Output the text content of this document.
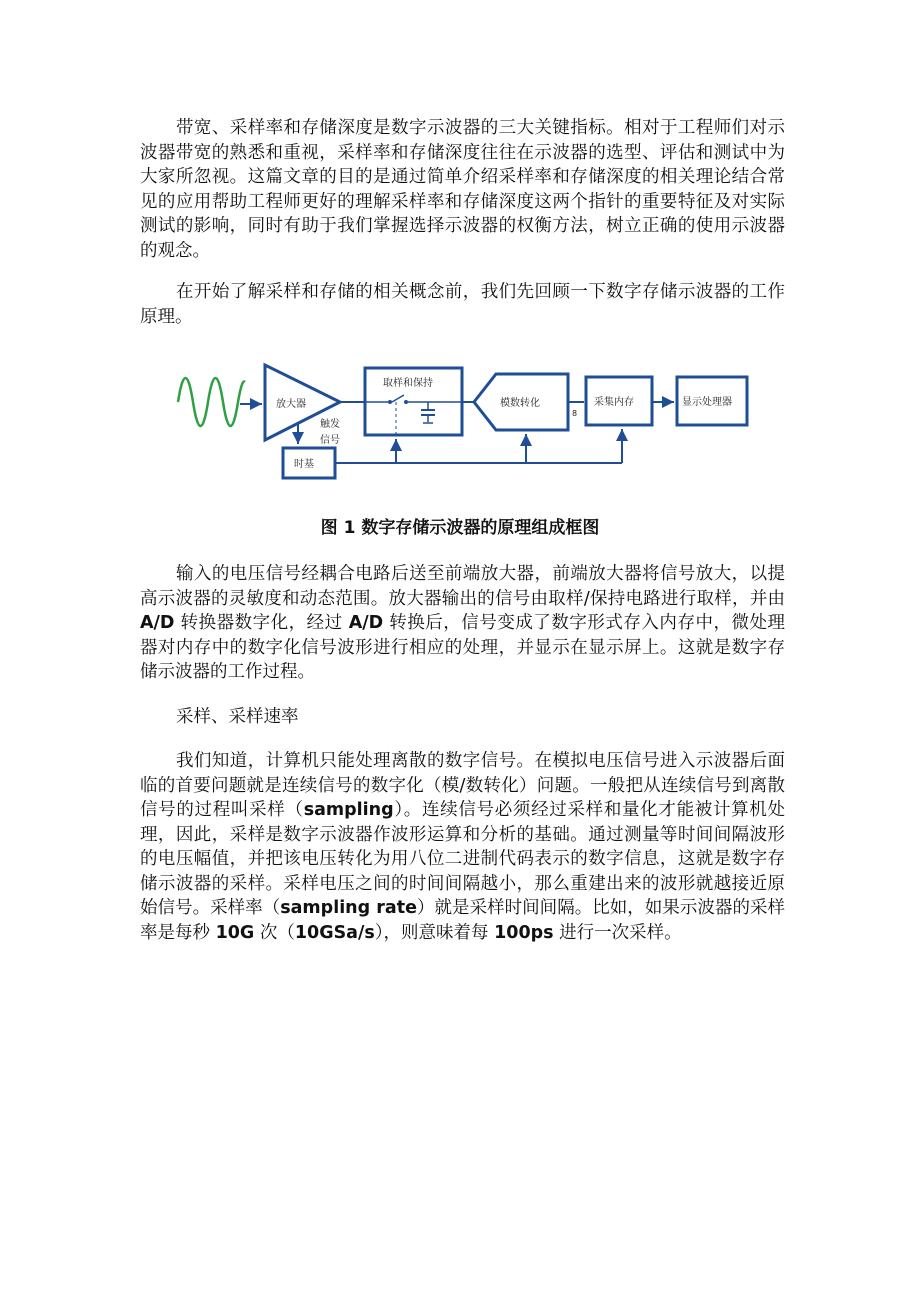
带宽、采样率和存储深度是数字示波器的三大关键指标。相对于工程师们对示波器带宽的熟悉和重视，采样率和存储深度往往在示波器的选型、评估和测试中为大家所忽视。这篇文章的目的是通过简单介绍采样率和存储深度的相关理论结合常见的应用帮助工程师更好的理解采样率和存储深度这两个指针的重要特征及对实际测试的影响，同时有助于我们掌握选择示波器的权衡方法，树立正确的使用示波器的观念。

在开始了解采样和存储的相关概念前，我们先回顾一下数字存储示波器的工作原理。

放大器
取样和保持
模数转化
8
采集内存	显示处理器
触发
信号
时基

图 1 数字存储示波器的原理组成框图

输入的电压信号经耦合电路后送至前端放大器，前端放大器将信号放大，以提高示波器的灵敏度和动态范围。放大器输出的信号由取样/保持电路进行取样，并由 A/D 转换器数字化，经过 A/D 转换后，信号变成了数字形式存入内存中，微处理器对内存中的数字化信号波形进行相应的处理，并显示在显示屏上。这就是数字存储示波器的工作过程。

采样、采样速率

我们知道，计算机只能处理离散的数字信号。在模拟电压信号进入示波器后面临的首要问题就是连续信号的数字化（模/数转化）问题。一般把从连续信号到离散信号的过程叫采样（sampling）。连续信号必须经过采样和量化才能被计算机处理，因此，采样是数字示波器作波形运算和分析的基础。通过测量等时间间隔波形的电压幅值，并把该电压转化为用八位二进制代码表示的数字信息，这就是数字存储示波器的采样。采样电压之间的时间间隔越小，那么重建出来的波形就越接近原始信号。采样率（sampling rate）就是采样时间间隔。比如，如果示波器的采样率是每秒 10G 次（10GSa/s），则意味着每 100ps 进行一次采样。
